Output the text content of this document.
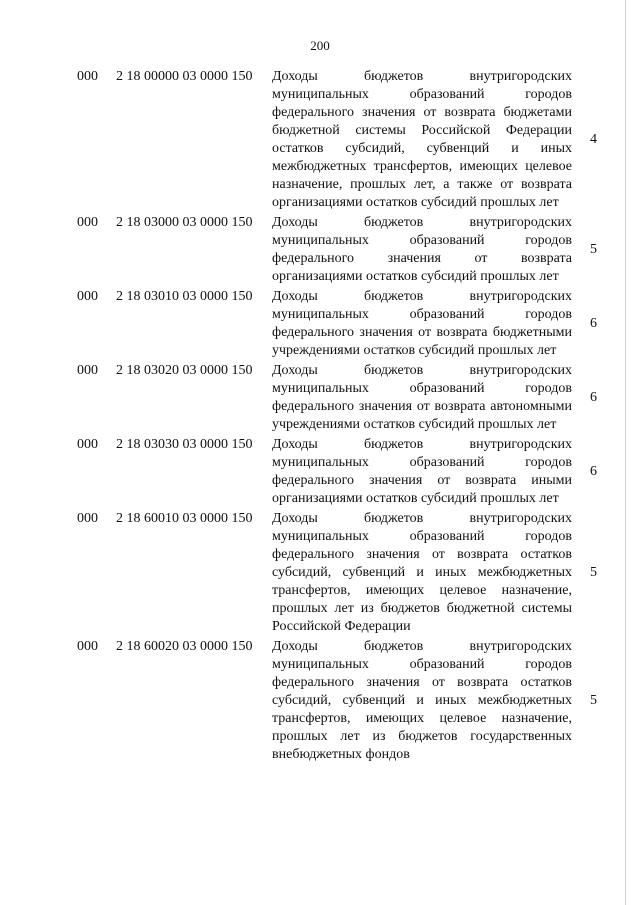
200
000 2 18 00000 03 0000 150 Доходы бюджетов внутригородских муниципальных образований городов федерального значения от возврата бюджетами бюджетной системы Российской Федерации остатков субсидий, субвенций и иных межбюджетных трансфертов, имеющих целевое назначение, прошлых лет, а также от возврата организациями остатков субсидий прошлых лет
4
000 2 18 03000 03 0000 150 Доходы бюджетов внутригородских муниципальных образований городов федерального значения от возврата организациями остатков субсидий прошлых лет
5
000 2 18 03010 03 0000 150 Доходы бюджетов внутригородских муниципальных образований городов федерального значения от возврата бюджетными учреждениями остатков субсидий прошлых лет
6
000 2 18 03020 03 0000 150 Доходы бюджетов внутригородских муниципальных образований городов федерального значения от возврата автономными учреждениями остатков субсидий прошлых лет
6
000 2 18 03030 03 0000 150 Доходы бюджетов внутригородских муниципальных образований городов федерального значения от возврата иными организациями остатков субсидий прошлых лет
6
000 2 18 60010 03 0000 150 Доходы бюджетов внутригородских муниципальных образований городов федерального значения от возврата остатков субсидий, субвенций и иных межбюджетных трансфертов, имеющих целевое назначение, прошлых лет из бюджетов бюджетной системы Российской Федерации
5
000 2 18 60020 03 0000 150 Доходы бюджетов внутригородских муниципальных образований городов федерального значения от возврата остатков субсидий, субвенций и иных межбюджетных трансфертов, имеющих целевое назначение, прошлых лет из бюджетов государственных внебюджетных фондов
5
